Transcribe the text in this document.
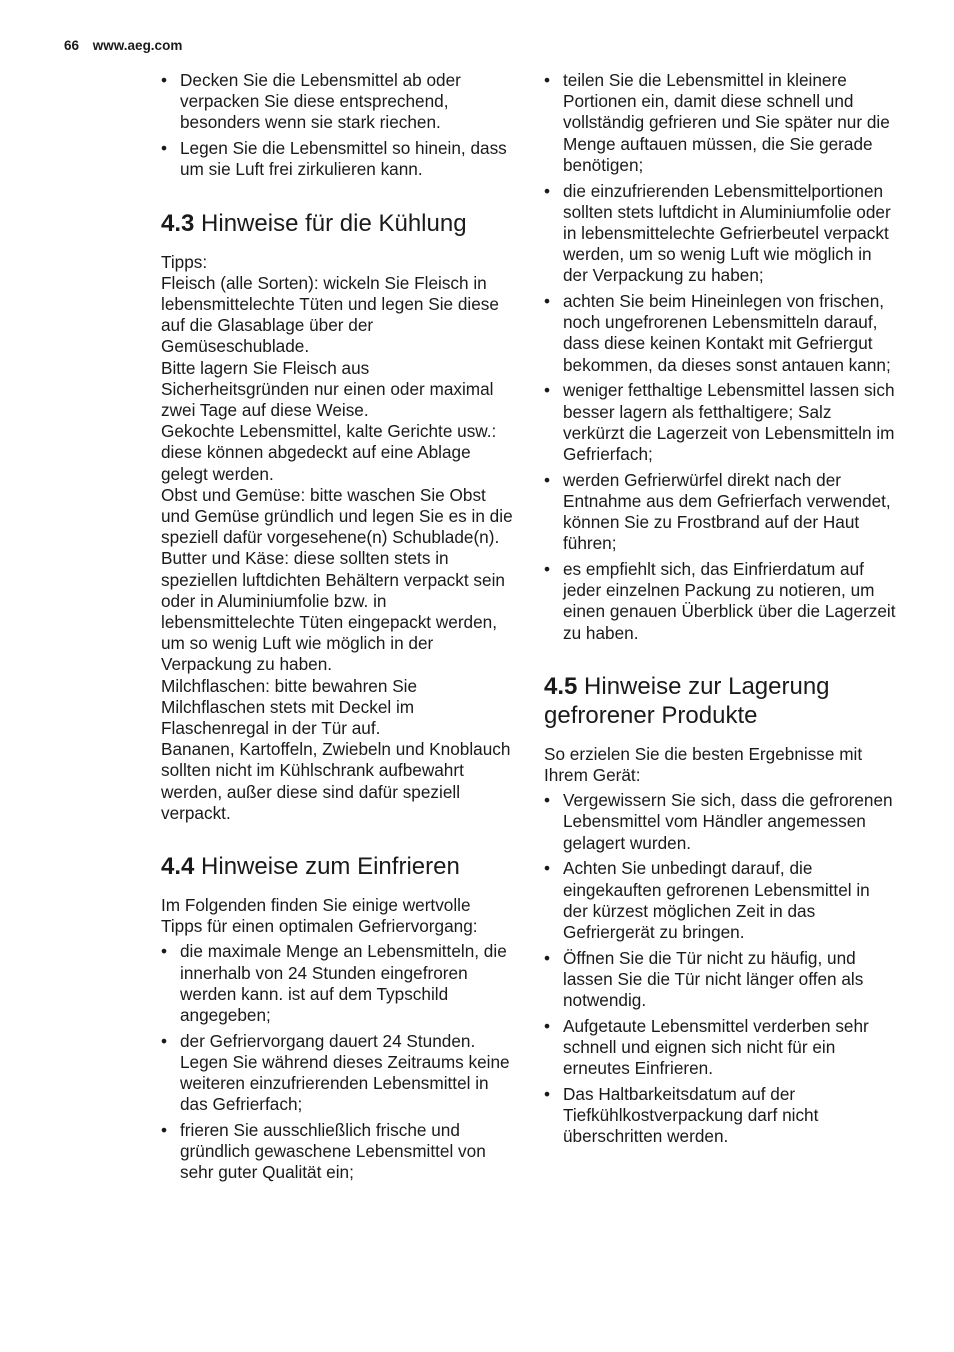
66 www.aeg.com
• Decken Sie die Lebensmittel ab oder verpacken Sie diese entsprechend, besonders wenn sie stark riechen.
• Legen Sie die Lebensmittel so hinein, dass um sie Luft frei zirkulieren kann.
4.3 Hinweise für die Kühlung

Tipps:
Fleisch (alle Sorten): wickeln Sie Fleisch in lebensmittelechte Tüten und legen Sie diese auf die Glasablage über der Gemüseschublade.
Bitte lagern Sie Fleisch aus Sicherheitsgründen nur einen oder maximal zwei Tage auf diese Weise.
Gekochte Lebensmittel, kalte Gerichte usw.: diese können abgedeckt auf eine Ablage gelegt werden.
Obst und Gemüse: bitte waschen Sie Obst und Gemüse gründlich und legen Sie es in die speziell dafür vorgesehene(n) Schublade(n).
Butter und Käse: diese sollten stets in speziellen luftdichten Behältern verpackt sein oder in Aluminiumfolie bzw. in lebensmittelechte Tüten eingepackt werden, um so wenig Luft wie möglich in der Verpackung zu haben.
Milchflaschen: bitte bewahren Sie Milchflaschen stets mit Deckel im Flaschenregal in der Tür auf.
Bananen, Kartoffeln, Zwiebeln und Knoblauch sollten nicht im Kühlschrank aufbewahrt werden, außer diese sind dafür speziell verpackt.

4.4 Hinweise zum Einfrieren

Im Folgenden finden Sie einige wertvolle Tipps für einen optimalen Gefriervorgang:

• die maximale Menge an Lebensmitteln, die innerhalb von 24 Stunden eingefroren werden kann. ist auf dem Typschild angegeben;
• der Gefriervorgang dauert 24 Stunden. Legen Sie während dieses Zeitraums keine weiteren einzufrierenden Lebensmittel in das Gefrierfach;
• frieren Sie ausschließlich frische und gründlich gewaschene Lebensmittel von sehr guter Qualität ein;
• teilen Sie die Lebensmittel in kleinere Portionen ein, damit diese schnell und vollständig gefrieren und Sie später nur die Menge auftauen müssen, die Sie gerade benötigen;
• die einzufrierenden Lebensmittelportionen sollten stets luftdicht in Aluminiumfolie oder in lebensmittelechte Gefrierbeutel verpackt werden, um so wenig Luft wie möglich in der Verpackung zu haben;
• achten Sie beim Hineinlegen von frischen, noch ungefrorenen Lebensmitteln darauf, dass diese keinen Kontakt mit Gefriergut bekommen, da dieses sonst antauen kann;
• weniger fetthaltige Lebensmittel lassen sich besser lagern als fetthaltigere; Salz verkürzt die Lagerzeit von Lebensmitteln im Gefrierfach;
• werden Gefrierwürfel direkt nach der Entnahme aus dem Gefrierfach verwendet, können Sie zu Frostbrand auf der Haut führen;
• es empfiehlt sich, das Einfrierdatum auf jeder einzelnen Packung zu notieren, um einen genauen Überblick über die Lagerzeit zu haben.
4.5 Hinweise zur Lagerung gefrorener Produkte

So erzielen Sie die besten Ergebnisse mit Ihrem Gerät:

• Vergewissern Sie sich, dass die gefrorenen Lebensmittel vom Händler angemessen gelagert wurden.
• Achten Sie unbedingt darauf, die eingekauften gefrorenen Lebensmittel in der kürzest möglichen Zeit in das Gefriergerät zu bringen.
• Öffnen Sie die Tür nicht zu häufig, und lassen Sie die Tür nicht länger offen als notwendig.
• Aufgetaute Lebensmittel verderben sehr schnell und eignen sich nicht für ein erneutes Einfrieren.
• Das Haltbarkeitsdatum auf der Tiefkühlkostverpackung darf nicht überschritten werden.
